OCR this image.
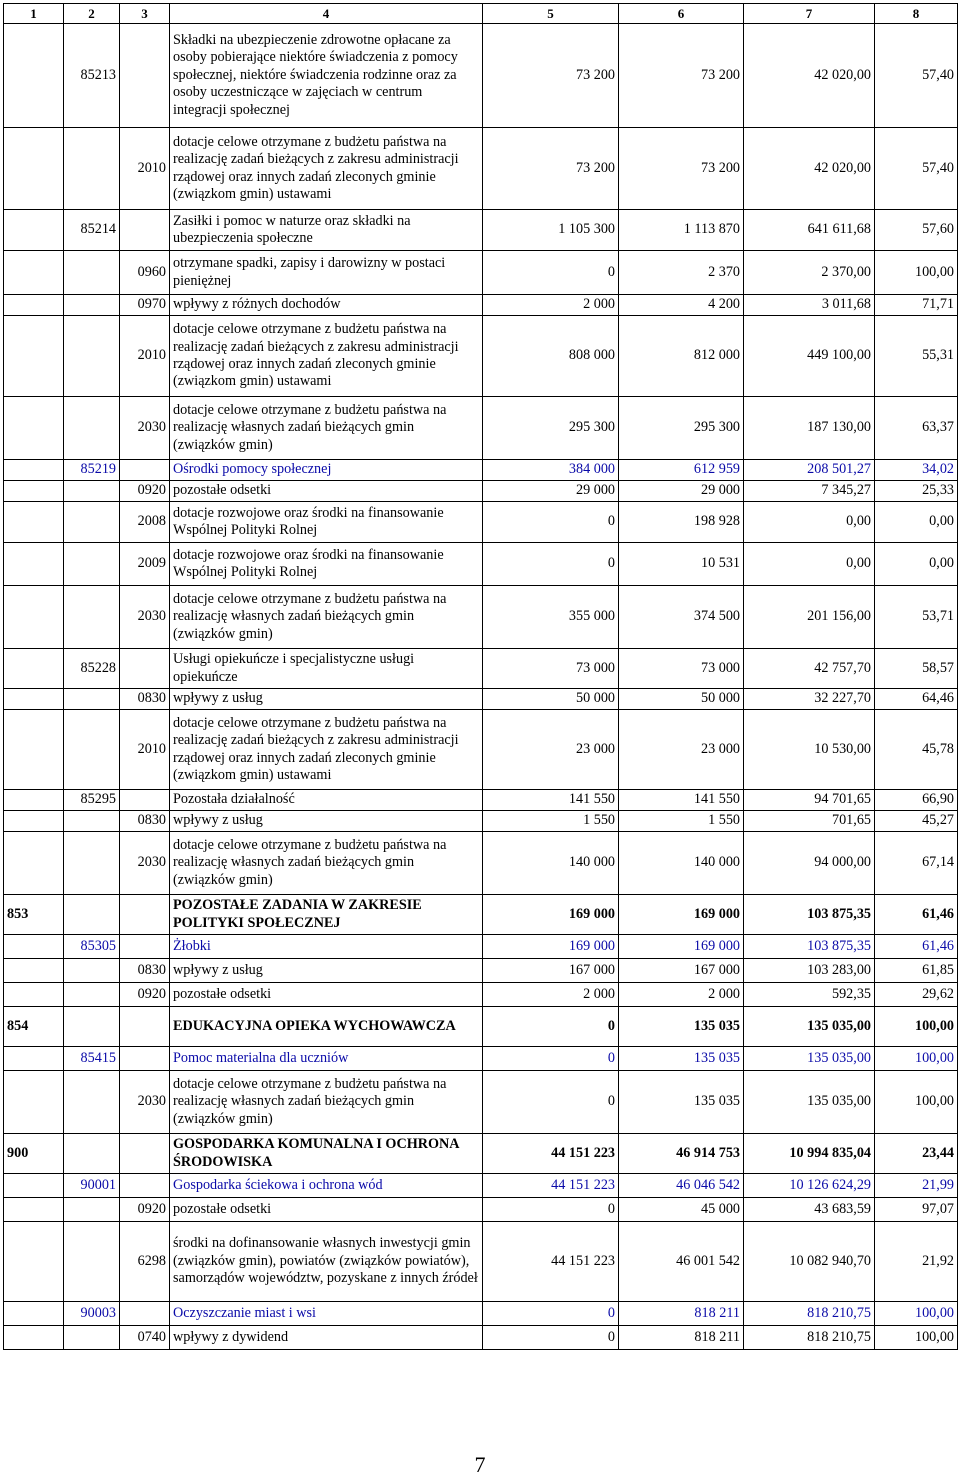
1	2	3	4	5	6	7	8
	85213		Składki na ubezpieczenie zdrowotne opłacane za osoby pobierające niektóre świadczenia z pomocy społecznej, niektóre świadczenia rodzinne oraz za osoby uczestniczące w zajęciach w centrum integracji społecznej	73 200	73 200	42 020,00	57,40
		2010	dotacje celowe otrzymane z budżetu państwa na realizację zadań bieżących z zakresu administracji rządowej oraz innych zadań zleconych gminie (związkom gmin) ustawami	73 200	73 200	42 020,00	57,40
	85214		Zasiłki i pomoc w naturze oraz składki na ubezpieczenia społeczne	1 105 300	1 113 870	641 611,68	57,60
		0960	otrzymane spadki, zapisy i darowizny w postaci pieniężnej	0	2 370	2 370,00	100,00
		0970	wpływy z różnych dochodów	2 000	4 200	3 011,68	71,71
		2010	dotacje celowe otrzymane z budżetu państwa na realizację zadań bieżących z zakresu administracji rządowej oraz innych zadań zleconych gminie (związkom gmin) ustawami	808 000	812 000	449 100,00	55,31
		2030	dotacje celowe otrzymane z budżetu państwa na realizację własnych zadań bieżących gmin (związków gmin)	295 300	295 300	187 130,00	63,37
	85219		Ośrodki pomocy społecznej	384 000	612 959	208 501,27	34,02
		0920	pozostałe odsetki	29 000	29 000	7 345,27	25,33
		2008	dotacje rozwojowe oraz środki na finansowanie Wspólnej Polityki Rolnej	0	198 928	0,00	0,00
		2009	dotacje rozwojowe oraz środki na finansowanie Wspólnej Polityki Rolnej	0	10 531	0,00	0,00
		2030	dotacje celowe otrzymane z budżetu państwa na realizację własnych zadań bieżących gmin (związków gmin)	355 000	374 500	201 156,00	53,71
	85228		Usługi opiekuńcze i specjalistyczne usługi opiekuńcze	73 000	73 000	42 757,70	58,57
		0830	wpływy z usług	50 000	50 000	32 227,70	64,46
		2010	dotacje celowe otrzymane z budżetu państwa na realizację zadań bieżących z zakresu administracji rządowej oraz innych zadań zleconych gminie (związkom gmin) ustawami	23 000	23 000	10 530,00	45,78
	85295		Pozostała działalność	141 550	141 550	94 701,65	66,90
		0830	wpływy z usług	1 550	1 550	701,65	45,27
		2030	dotacje celowe otrzymane z budżetu państwa na realizację własnych zadań bieżących gmin (związków gmin)	140 000	140 000	94 000,00	67,14
853			POZOSTAŁE ZADANIA W ZAKRESIE POLITYKI SPOŁECZNEJ	169 000	169 000	103 875,35	61,46
	85305		Żłobki	169 000	169 000	103 875,35	61,46
		0830	wpływy z usług	167 000	167 000	103 283,00	61,85
		0920	pozostałe odsetki	2 000	2 000	592,35	29,62
854			EDUKACYJNA OPIEKA WYCHOWAWCZA	0	135 035	135 035,00	100,00
	85415		Pomoc materialna dla uczniów	0	135 035	135 035,00	100,00
		2030	dotacje celowe otrzymane z budżetu państwa na realizację własnych zadań bieżących gmin (związków gmin)	0	135 035	135 035,00	100,00
900			GOSPODARKA KOMUNALNA I OCHRONA ŚRODOWISKA	44 151 223	46 914 753	10 994 835,04	23,44
	90001		Gospodarka ściekowa i ochrona wód	44 151 223	46 046 542	10 126 624,29	21,99
		0920	pozostałe odsetki	0	45 000	43 683,59	97,07
		6298	środki na dofinansowanie własnych inwestycji gmin (związków gmin), powiatów (związków powiatów), samorządów województw, pozyskane z innych źródeł	44 151 223	46 001 542	10 082 940,70	21,92
	90003		Oczyszczanie miast i wsi	0	818 211	818 210,75	100,00
		0740	wpływy z dywidend	0	818 211	818 210,75	100,00
7
